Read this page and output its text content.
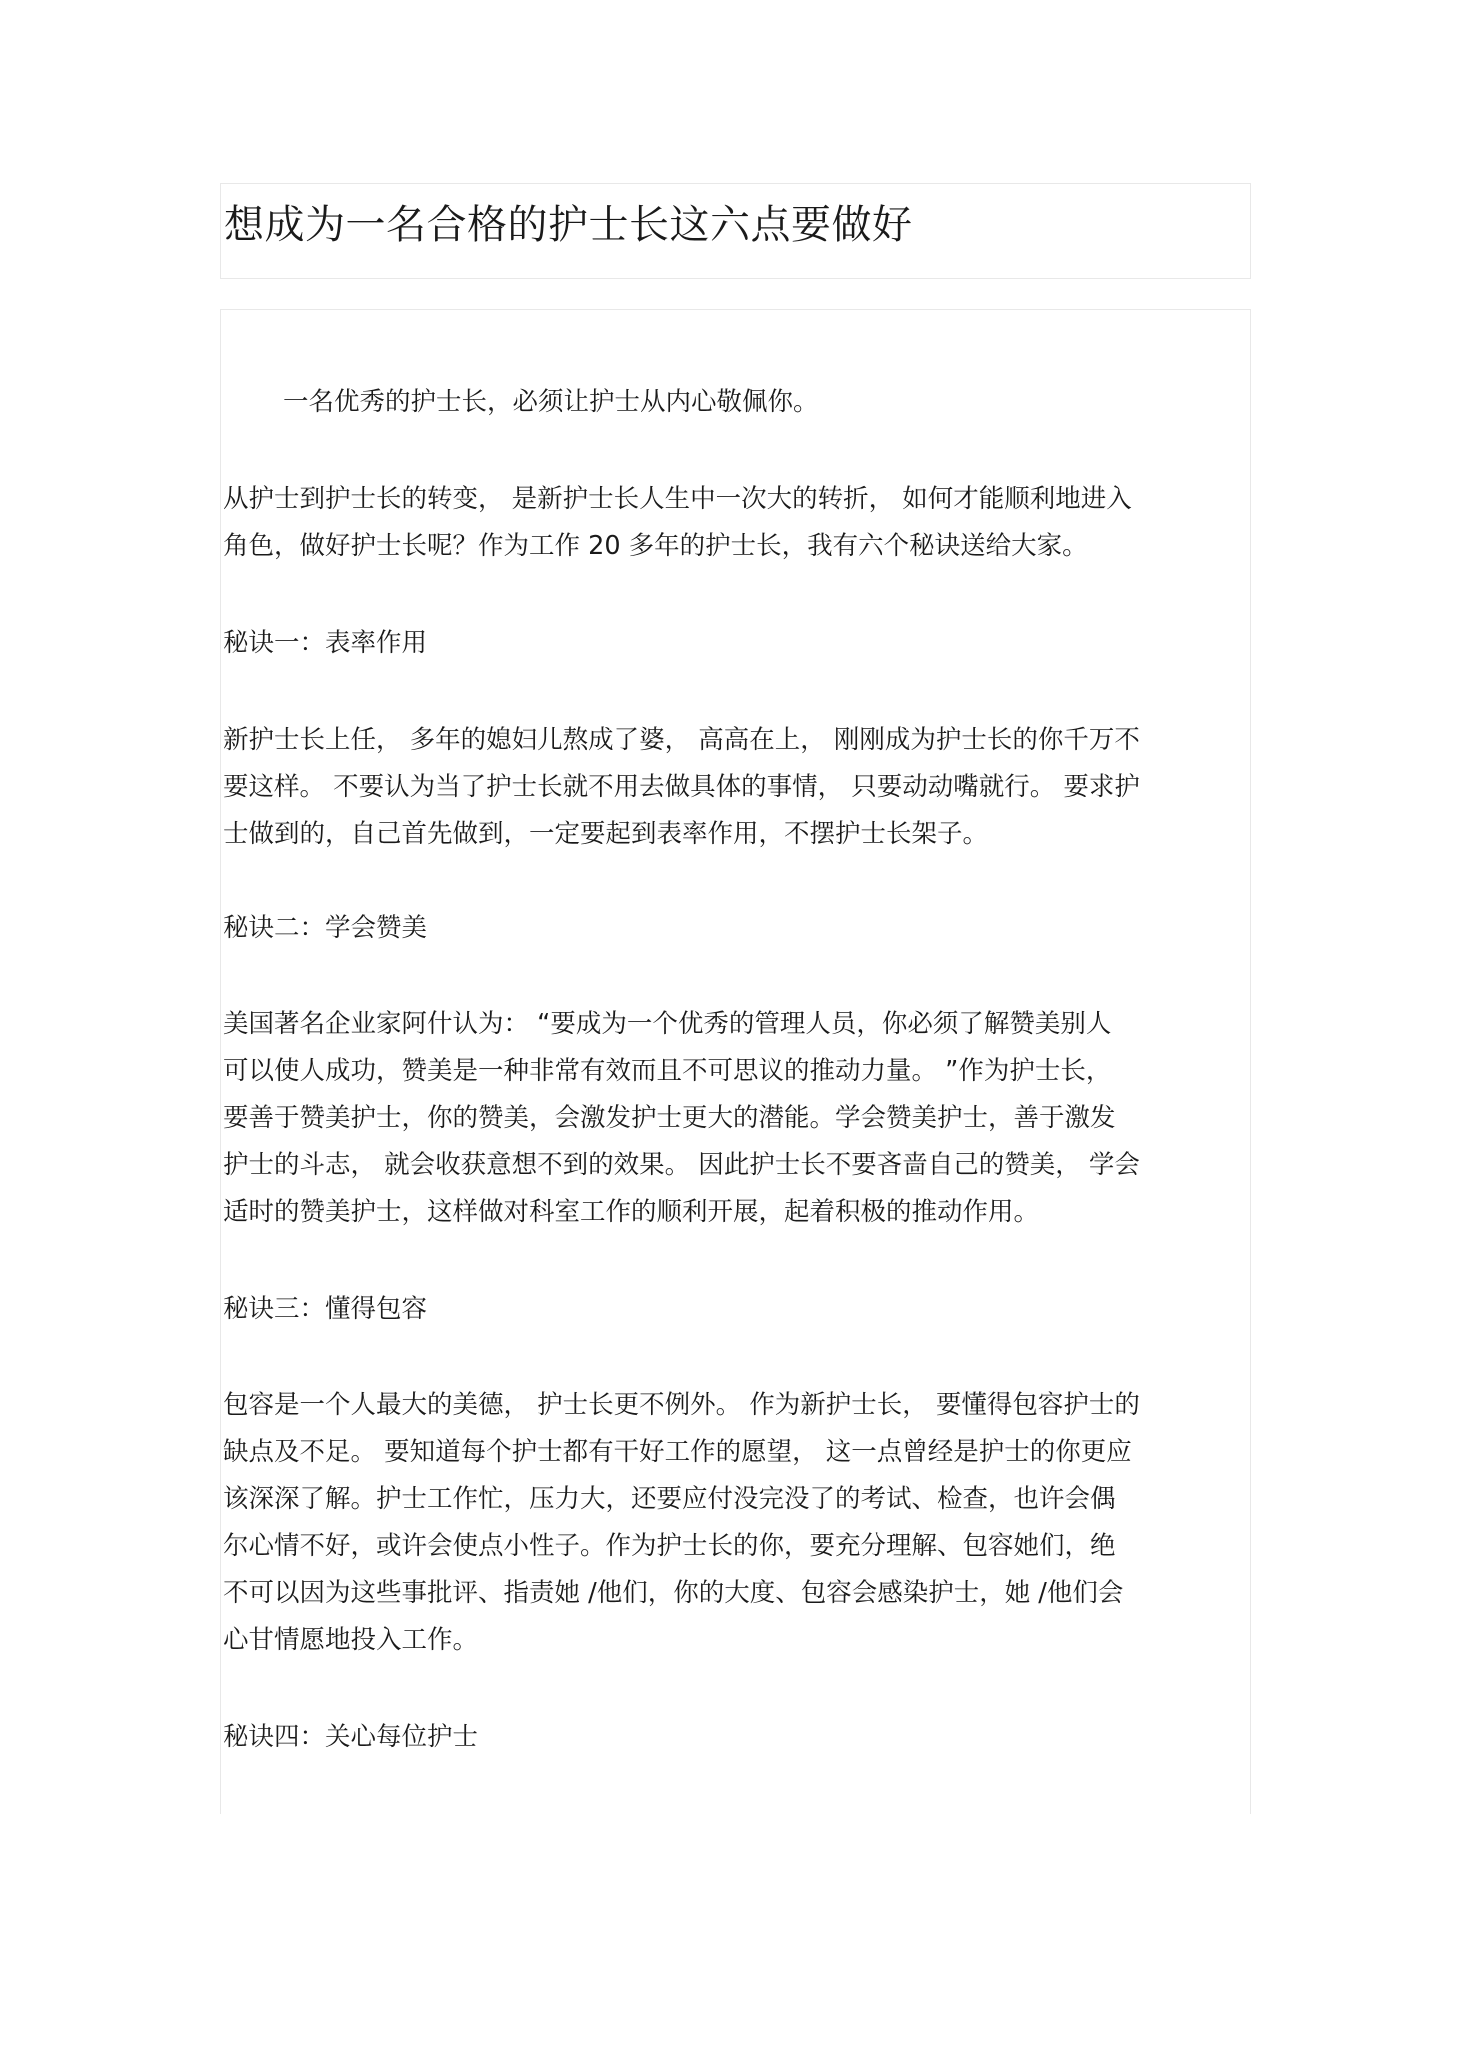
想成为一名合格的护士长这六点要做好

一名优秀的护士长，必须让护士从内心敬佩你。

从护士到护士长的转变， 是新护士长人生中一次大的转折， 如何才能顺利地进入

角色，做好护士长呢？作为工作 20 多年的护士长，我有六个秘诀送给大家。

秘诀一：表率作用

新护士长上任， 多年的媳妇儿熬成了婆， 高高在上， 刚刚成为护士长的你千万不

要这样。 不要认为当了护士长就不用去做具体的事情， 只要动动嘴就行。 要求护

士做到的，自己首先做到，一定要起到表率作用，不摆护士长架子。

秘诀二：学会赞美

美国著名企业家阿什认为： “要成为一个优秀的管理人员，你必须了解赞美别人

可以使人成功，赞美是一种非常有效而且不可思议的推动力量。 ”作为护士长，

要善于赞美护士，你的赞美，会激发护士更大的潜能。学会赞美护士，善于激发

护士的斗志， 就会收获意想不到的效果。 因此护士长不要吝啬自己的赞美， 学会

适时的赞美护士，这样做对科室工作的顺利开展，起着积极的推动作用。

秘诀三：懂得包容

包容是一个人最大的美德， 护士长更不例外。 作为新护士长， 要懂得包容护士的

缺点及不足。 要知道每个护士都有干好工作的愿望， 这一点曾经是护士的你更应

该深深了解。护士工作忙，压力大，还要应付没完没了的考试、检查，也许会偶

尔心情不好，或许会使点小性子。作为护士长的你，要充分理解、包容她们，绝

不可以因为这些事批评、指责她 /他们，你的大度、包容会感染护士，她 /他们会

心甘情愿地投入工作。

秘诀四：关心每位护士
